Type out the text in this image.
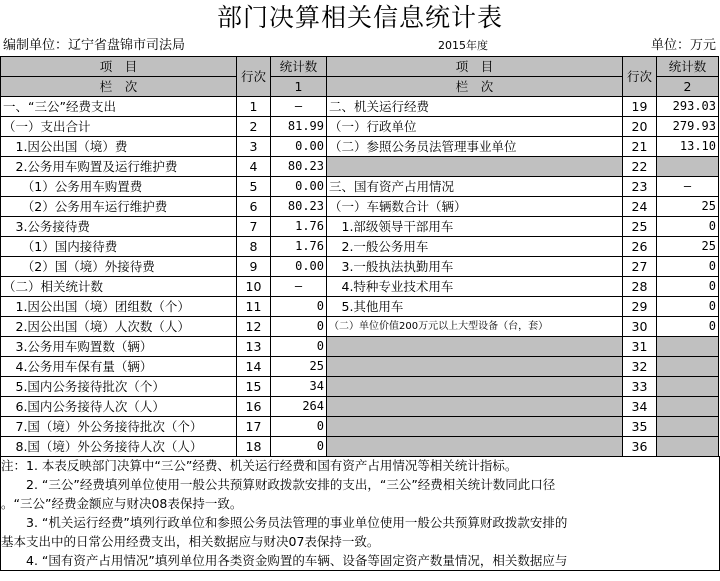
部门决算相关信息统计表
编制单位：辽宁省盘锦市司法局	2015年度	单位：万元
项　目	行次	统计数	项　目	行次	统计数
栏　次		1	栏　次		2
一、“三公”经费支出	1	—	二、机关运行经费	19	293.03
（一）支出合计	2	81.99	（一）行政单位	20	279.93
　1.因公出国（境）费	3	0.00	（二）参照公务员法管理事业单位	21	13.10
　2.公务用车购置及运行维护费	4	80.23		22	
　　（1）公务用车购置费	5	0.00	三、国有资产占用情况	23	—
　　（2）公务用车运行维护费	6	80.23	（一）车辆数合计（辆）	24	25
　3.公务接待费	7	1.76	　1.部级领导干部用车	25	0
　　（1）国内接待费	8	1.76	　2.一般公务用车	26	25
　　（2）国（境）外接待费	9	0.00	　3.一般执法执勤用车	27	0
（二）相关统计数	10	—	　4.特种专业技术用车	28	0
　1.因公出国（境）团组数（个）	11	0	　5.其他用车	29	0
　2.因公出国（境）人次数（人）	12	0	（二）单位价值200万元以上大型设备（台，套）	30	0
　3.公务用车购置数（辆）	13	0		31	
　4.公务用车保有量（辆）	14	25		32	
　5.国内公务接待批次（个）	15	34		33	
　6.国内公务接待人次（人）	16	264		34	
　7.国（境）外公务接待批次（个）	17	0		35	
　8.国（境）外公务接待人次（人）	18	0		36	
注：1. 本表反映部门决算中“三公”经费、机关运行经费和国有资产占用情况等相关统计指标。
　　2. “三公”经费填列单位使用一般公共预算财政拨款安排的支出，“三公”经费相关统计数同此口径
。“三公”经费金额应与财决08表保持一致。
　　3. “机关运行经费”填列行政单位和参照公务员法管理的事业单位使用一般公共预算财政拨款安排的
基本支出中的日常公用经费支出，相关数据应与财决07表保持一致。
　　4. “国有资产占用情况”填列单位用各类资金购置的车辆、设备等固定资产数量情况，相关数据应与
